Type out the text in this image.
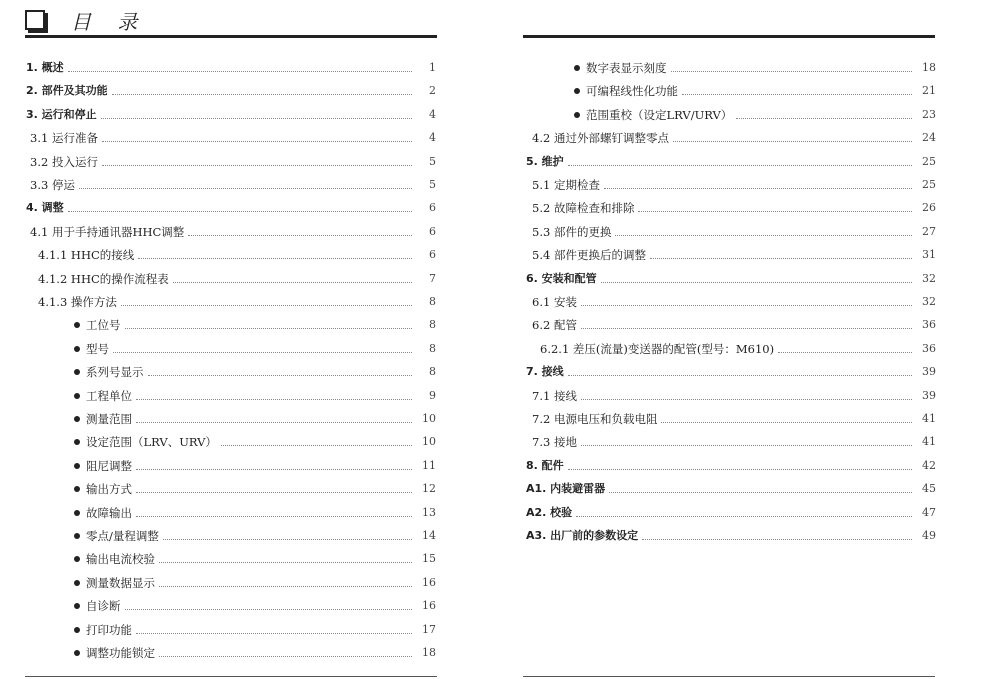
目 录
1. 概述	1
2. 部件及其功能	2
3. 运行和停止	4
3.1 运行准备	4
3.2 投入运行	5
3.3 停运	5
4. 调整	6
4.1 用于手持通讯器HHC调整	6
4.1.1 HHC的接线	6
4.1.2 HHC的操作流程表	7
4.1.3 操作方法	8
工位号	8
型号	8
系列号显示	8
工程单位	9
测量范围	10
设定范围（LRV、URV）	10
阻尼调整	11
输出方式	12
故障输出	13
零点/量程调整	14
输出电流校验	15
测量数据显示	16
自诊断	16
打印功能	17
调整功能锁定	18
数字表显示刻度	18
可编程线性化功能	21
范围重校（设定LRV/URV）	23
4.2 通过外部螺钉调整零点	24
5. 维护	25
5.1 定期检查	25
5.2 故障检查和排除	26
5.3 部件的更换	27
5.4 部件更换后的调整	31
6. 安装和配管	32
6.1 安装	32
6.2 配管	36
6.2.1 差压(流量)变送器的配管(型号：M610)	36
7. 接线	39
7.1 接线	39
7.2 电源电压和负载电阻	41
7.3 接地	41
8. 配件	42
A1. 内装避雷器	45
A2. 校验	47
A3. 出厂前的参数设定	49
